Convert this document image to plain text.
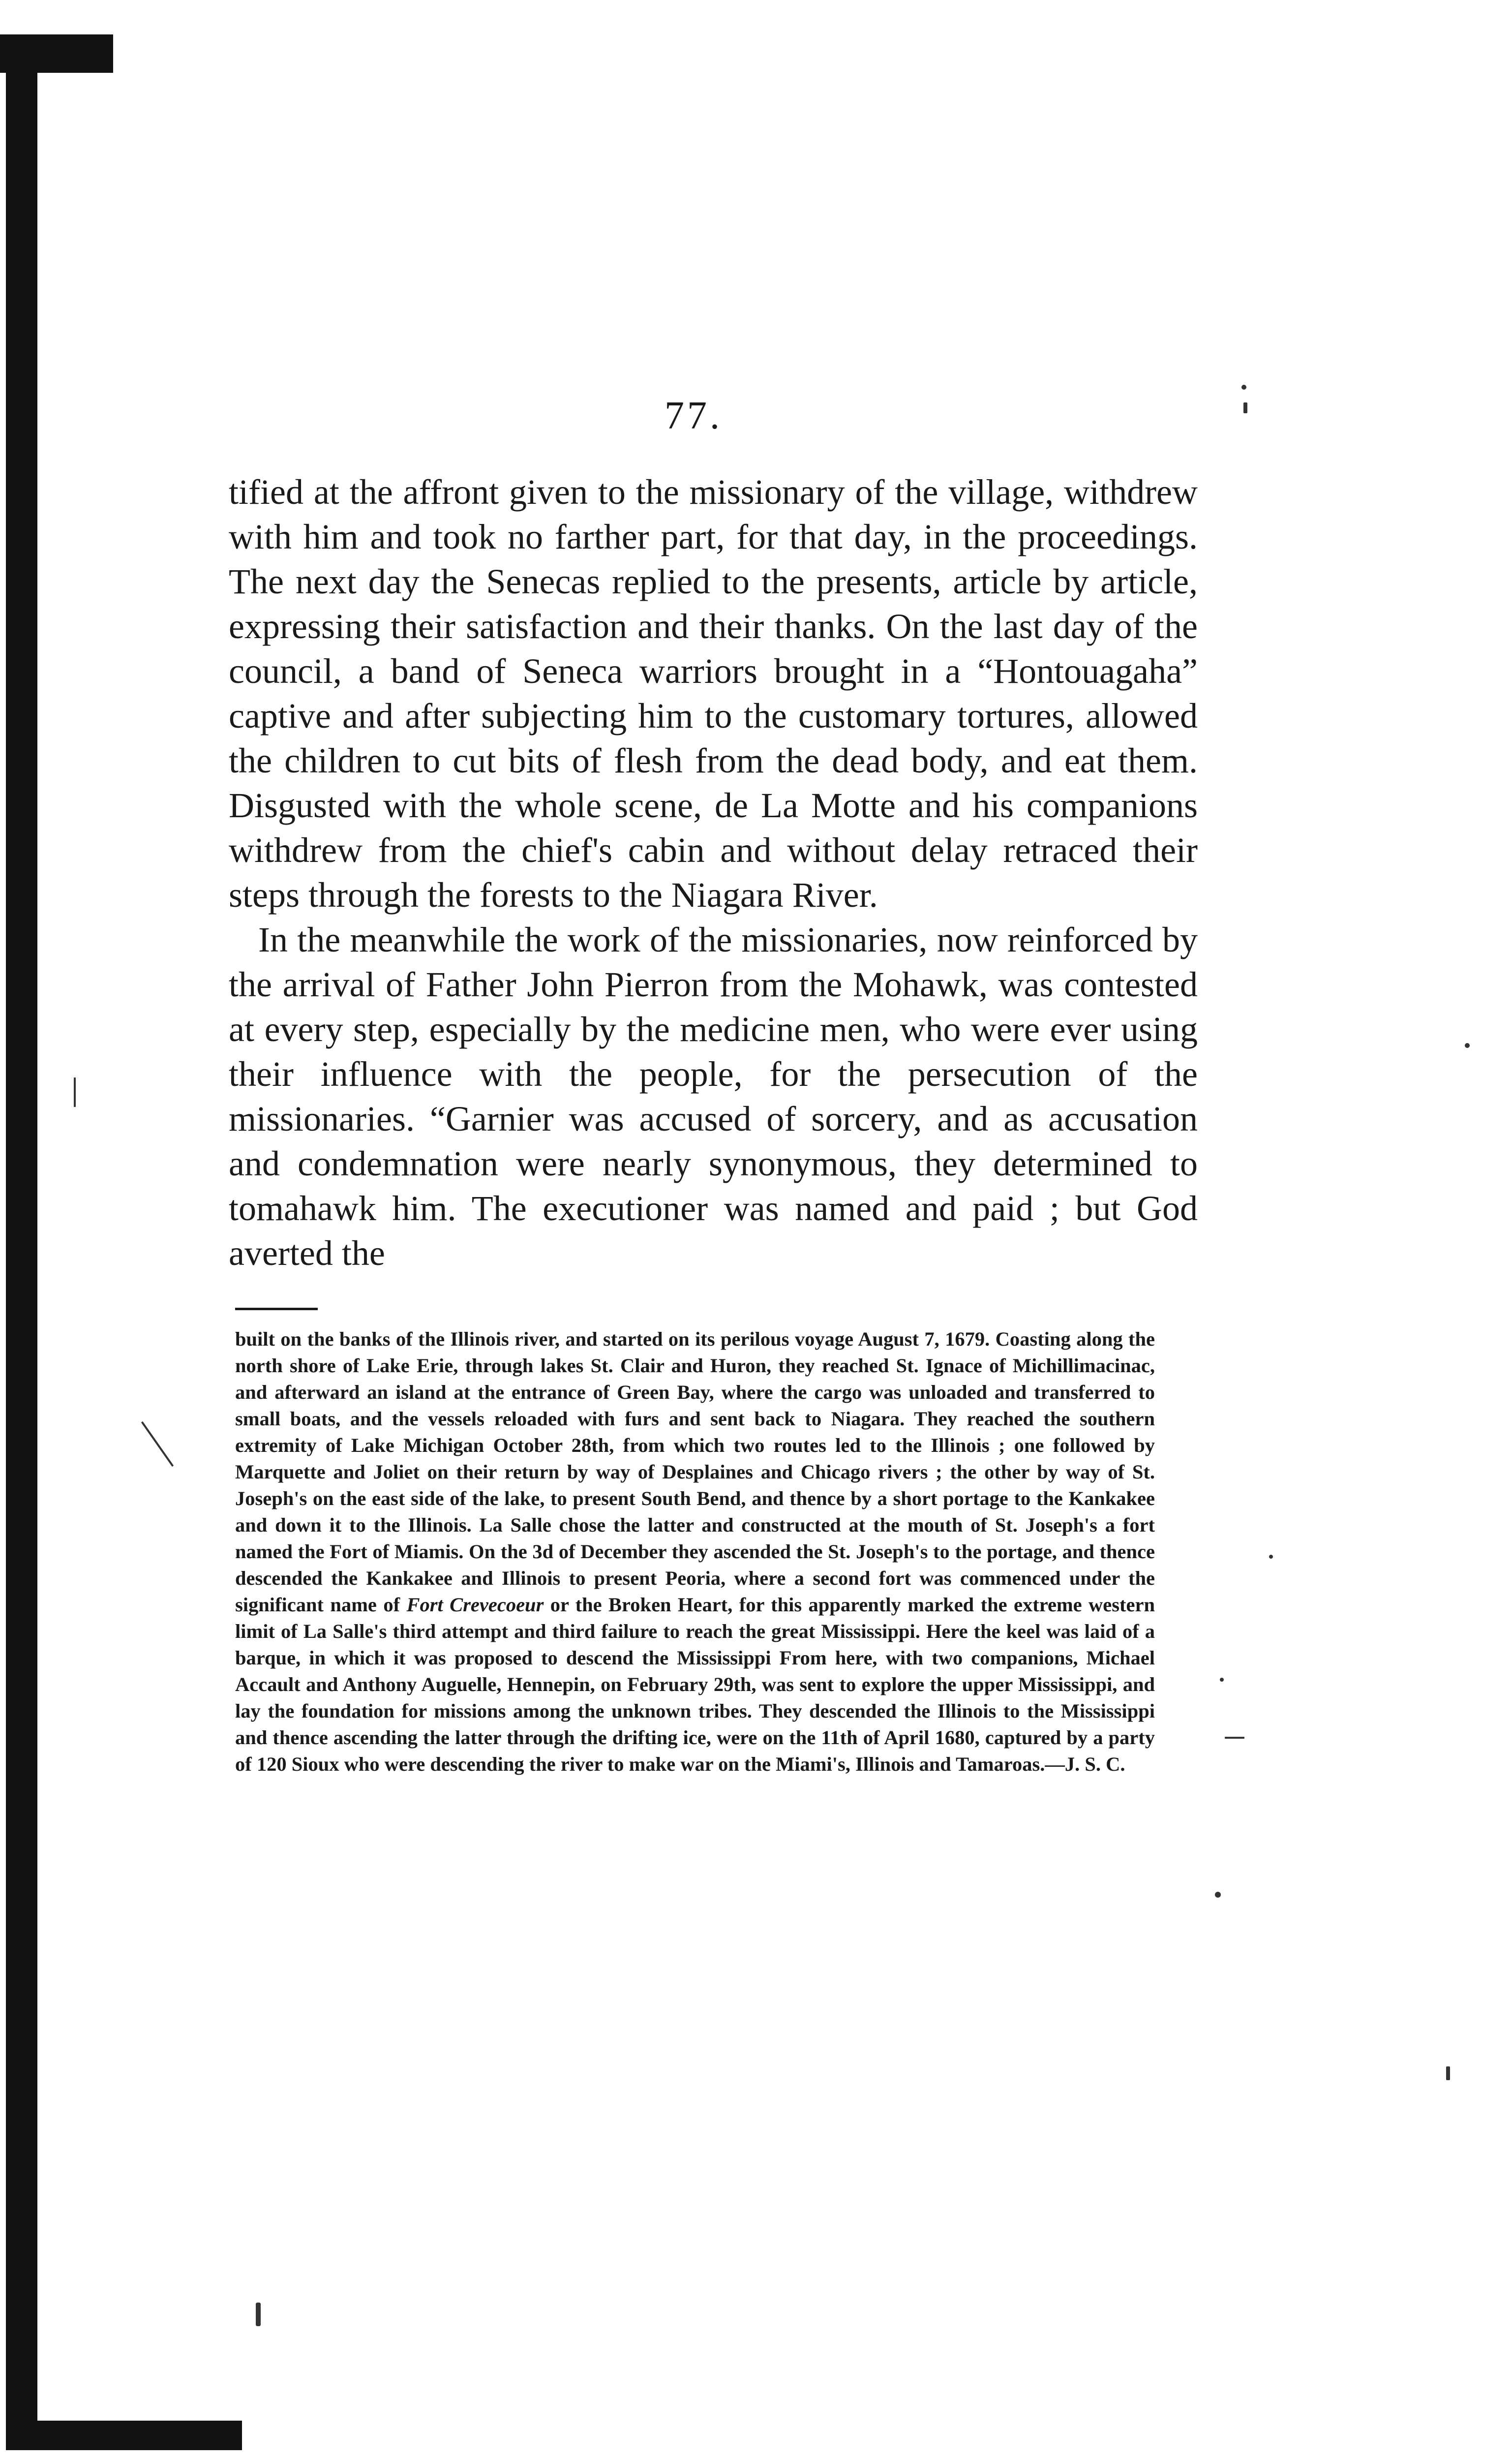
77.

tified at the affront given to the missionary of the village, withdrew with him and took no farther part, for that day, in the proceedings. The next day the Senecas replied to the presents, article by article, expressing their satisfaction and their thanks. On the last day of the council, a band of Seneca warriors brought in a “Hontouagaha” captive and after subjecting him to the customary tortures, allowed the children to cut bits of flesh from the dead body, and eat them. Disgusted with the whole scene, de La Motte and his companions withdrew from the chief's cabin and without delay retraced their steps through the forests to the Niagara River.

In the meanwhile the work of the missionaries, now reinforced by the arrival of Father John Pierron from the Mohawk, was contested at every step, especially by the medicine men, who were ever using their influence with the people, for the persecution of the missionaries. “Garnier was accused of sorcery, and as accusation and condemnation were nearly synonymous, they determined to tomahawk him. The executioner was named and paid ; but God averted the

built on the banks of the Illinois river, and started on its perilous voyage August 7, 1679. Coasting along the north shore of Lake Erie, through lakes St. Clair and Huron, they reached St. Ignace of Michillimacinac, and afterward an island at the entrance of Green Bay, where the cargo was unloaded and transferred to small boats, and the vessels reloaded with furs and sent back to Niagara. They reached the southern extremity of Lake Michigan October 28th, from which two routes led to the Illinois ; one followed by Marquette and Joliet on their return by way of Desplaines and Chicago rivers ; the other by way of St. Joseph's on the east side of the lake, to present South Bend, and thence by a short portage to the Kankakee and down it to the Illinois. La Salle chose the latter and constructed at the mouth of St. Joseph's a fort named the Fort of Miamis. On the 3d of December they ascended the St. Joseph's to the portage, and thence descended the Kankakee and Illinois to present Peoria, where a second fort was commenced under the significant name of Fort Crevecoeur or the Broken Heart, for this apparently marked the extreme western limit of La Salle's third attempt and third failure to reach the great Mississippi. Here the keel was laid of a barque, in which it was proposed to descend the Mississippi From here, with two companions, Michael Accault and Anthony Auguelle, Hennepin, on February 29th, was sent to explore the upper Mississippi, and lay the foundation for missions among the unknown tribes. They descended the Illinois to the Mississippi and thence ascending the latter through the drifting ice, were on the 11th of April 1680, captured by a party of 120 Sioux who were descending the river to make war on the Miami's, Illinois and Tamaroas.—J. S. C.
